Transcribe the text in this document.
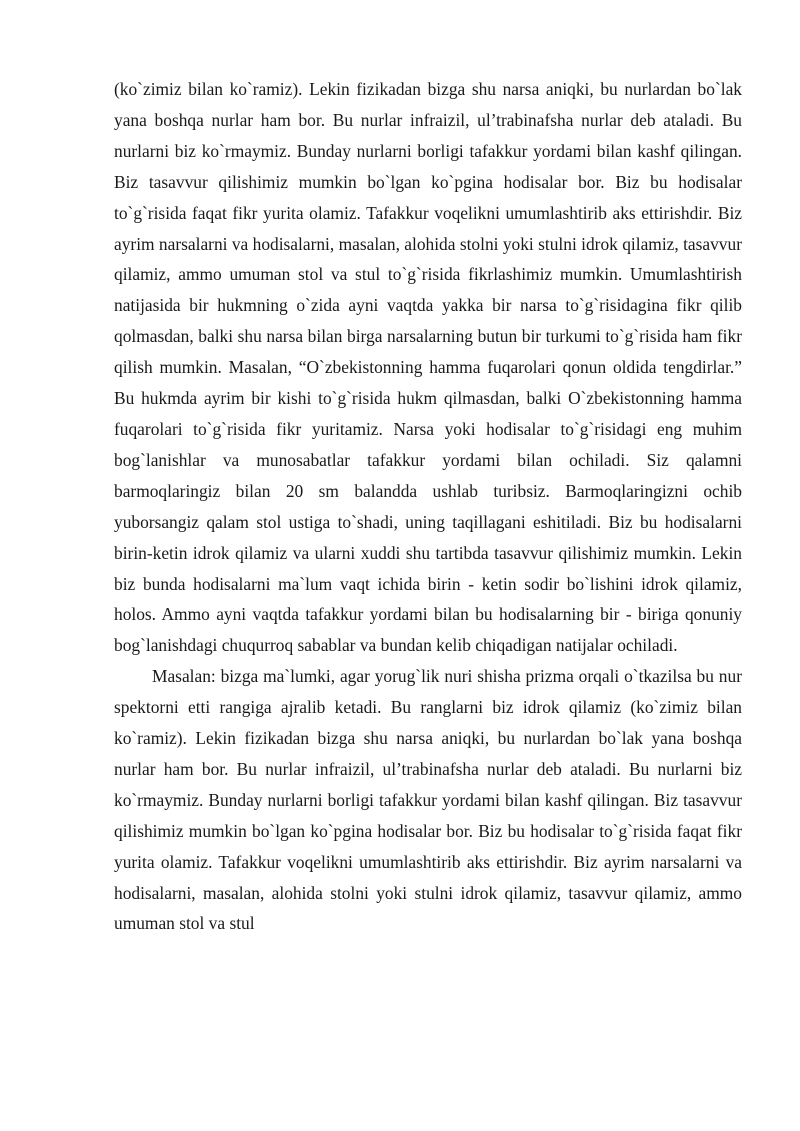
(ko`zimiz bilan ko`ramiz). Lekin fizikadan bizga shu narsa aniqki, bu nurlardan bo`lak yana boshqa nurlar ham bor. Bu nurlar infraizil, ul’trabinafsha nurlar deb ataladi. Bu nurlarni biz ko`rmaymiz. Bunday nurlarni borligi tafakkur yordami bilan kashf qilingan. Biz tasavvur qilishimiz mumkin bo`lgan ko`pgina hodisalar bor. Biz bu hodisalar to`g`risida faqat fikr yurita olamiz. Tafakkur voqelikni umumlashtirib aks ettirishdir. Biz ayrim narsalarni va hodisalarni, masalan, alohida stolni yoki stulni idrok qilamiz, tasavvur qilamiz, ammo umuman stol va stul to`g`risida fikrlashimiz mumkin. Umumlashtirish natijasida bir hukmning o`zida ayni vaqtda yakka bir narsa to`g`risidagina fikr qilib qolmasdan, balki shu narsa bilan birga narsalarning butun bir turkumi to`g`risida ham fikr qilish mumkin. Masalan, “O`zbekistonning hamma fuqarolari qonun oldida tengdirlar.” Bu hukmda ayrim bir kishi to`g`risida hukm qilmasdan, balki O`zbekistonning hamma fuqarolari to`g`risida fikr yuritamiz. Narsa yoki hodisalar to`g`risidagi eng muhim bog`lanishlar va munosabatlar tafakkur yordami bilan ochiladi. Siz qalamni barmoqlaringiz bilan 20 sm balandda ushlab turibsiz. Barmoqlaringizni ochib yuborsangiz qalam stol ustiga to`shadi, uning taqillagani eshitiladi. Biz bu hodisalarni birin-ketin idrok qilamiz va ularni xuddi shu tartibda tasavvur qilishimiz mumkin. Lekin biz bunda hodisalarni ma`lum vaqt ichida birin - ketin sodir bo`lishini idrok qilamiz, holos. Ammo ayni vaqtda tafakkur yordami bilan bu hodisalarning bir - biriga qonuniy bog`lanishdagi chuqurroq sabablar va bundan kelib chiqadigan natijalar ochiladi.

Masalan: bizga ma`lumki, agar yorug`lik nuri shisha prizma orqali o`tkazilsa bu nur spektorni etti rangiga ajralib ketadi. Bu ranglarni biz idrok qilamiz (ko`zimiz bilan ko`ramiz). Lekin fizikadan bizga shu narsa aniqki, bu nurlardan bo`lak yana boshqa nurlar ham bor. Bu nurlar infraizil, ul’trabinafsha nurlar deb ataladi. Bu nurlarni biz ko`rmaymiz. Bunday nurlarni borligi tafakkur yordami bilan kashf qilingan. Biz tasavvur qilishimiz mumkin bo`lgan ko`pgina hodisalar bor. Biz bu hodisalar to`g`risida faqat fikr yurita olamiz. Tafakkur voqelikni umumlashtirib aks ettirishdir. Biz ayrim narsalarni va hodisalarni, masalan, alohida stolni yoki stulni idrok qilamiz, tasavvur qilamiz, ammo umuman stol va stul
